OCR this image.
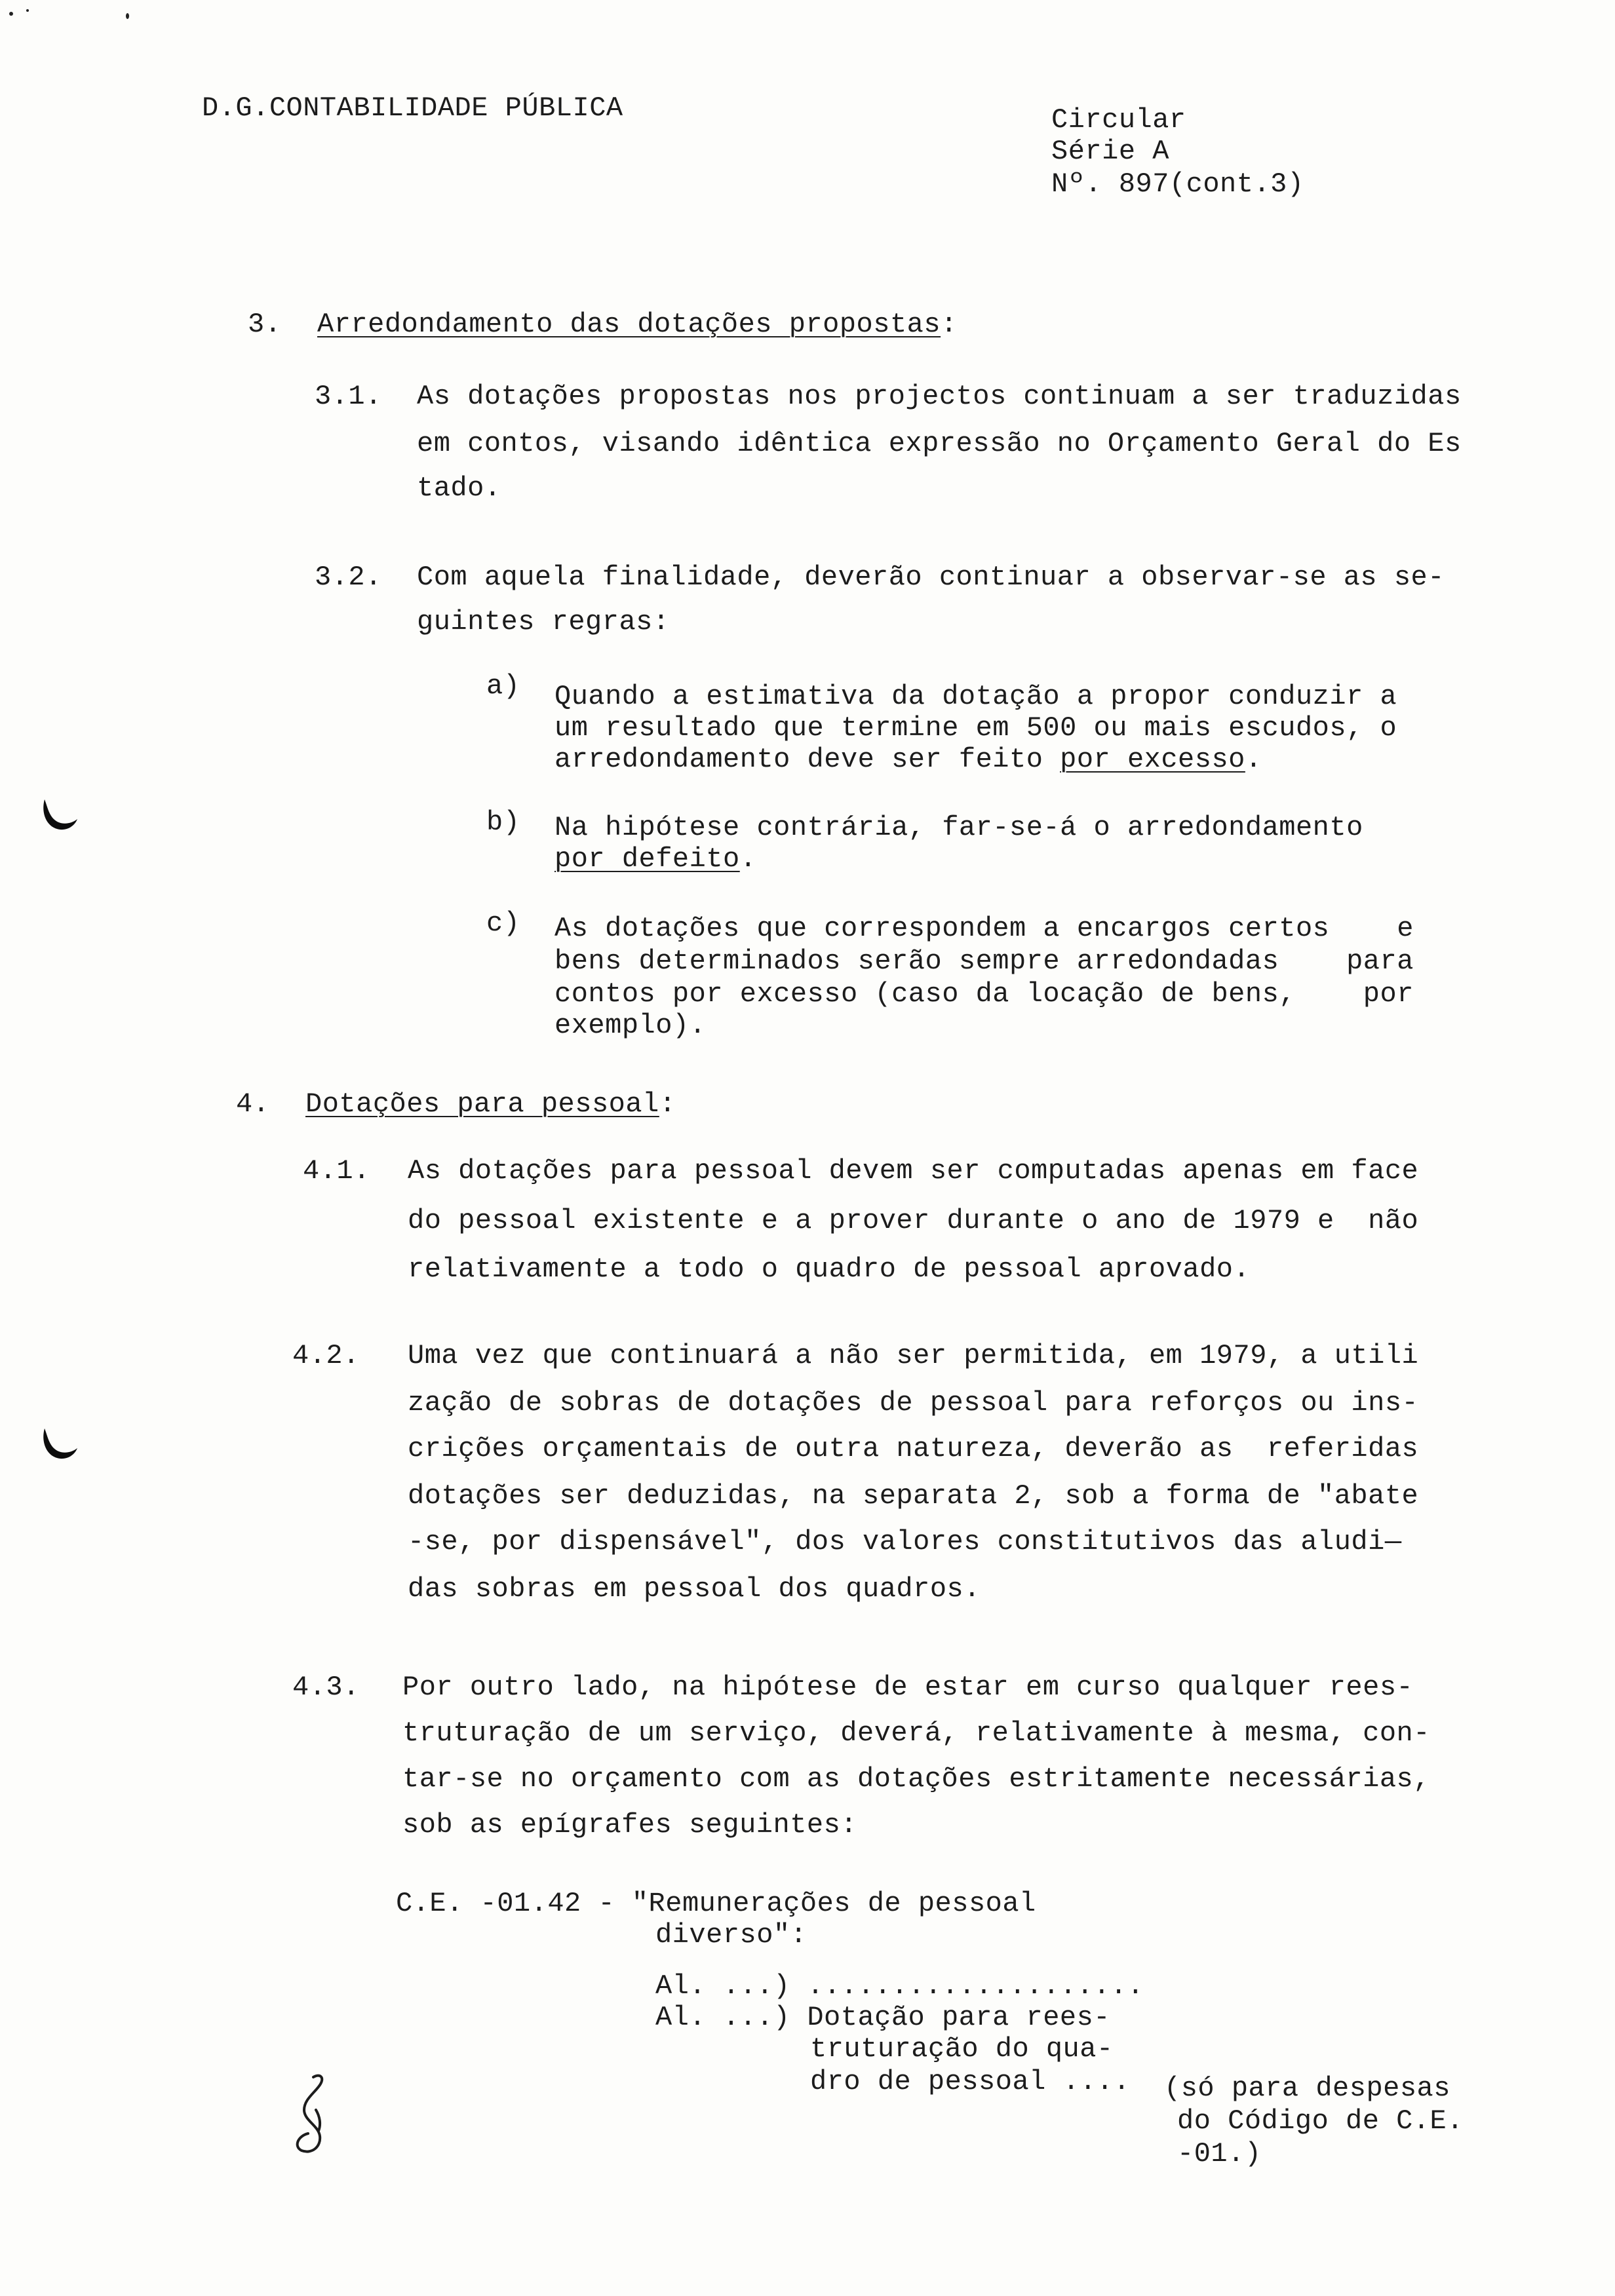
D.G.CONTABILIDADE PÚBLICA	Circular
Série A
Nº. 897(cont.3)
3. Arredondamento das dotações propostas:
3.1. As dotações propostas nos projectos continuam a ser traduzidas
em contos, visando idêntica expressão no Orçamento Geral do Es
tado.
3.2. Com aquela finalidade, deverão continuar a observar-se as se-
guintes regras:
a) Quando a estimativa da dotação a propor conduzir a
um resultado que termine em 500 ou mais escudos, o
arredondamento deve ser feito por excesso.
b) Na hipótese contrária, far-se-á o arredondamento
por defeito.
c) As dotações que correspondem a encargos certos    e
bens determinados serão sempre arredondadas    para
contos por excesso (caso da locação de bens,    por
exemplo).
4. Dotações para pessoal:
4.1. As dotações para pessoal devem ser computadas apenas em face
do pessoal existente e a prover durante o ano de 1979 e  não
relativamente a todo o quadro de pessoal aprovado.
4.2. Uma vez que continuará a não ser permitida, em 1979, a utili
zação de sobras de dotações de pessoal para reforços ou ins-
crições orçamentais de outra natureza, deverão as  referidas
dotações ser deduzidas, na separata 2, sob a forma de "abate
-se, por dispensável", dos valores constitutivos das aludi—
das sobras em pessoal dos quadros.
4.3. Por outro lado, na hipótese de estar em curso qualquer rees-
truturação de um serviço, deverá, relativamente à mesma, con-
tar-se no orçamento com as dotações estritamente necessárias,
sob as epígrafes seguintes:
C.E. -01.42 - "Remunerações de pessoal
diverso":
Al. ...) ....................
Al. ...) Dotação para rees-
truturação do qua-
dro de pessoal .... (só para despesas
do Código de C.E.
-01.)
